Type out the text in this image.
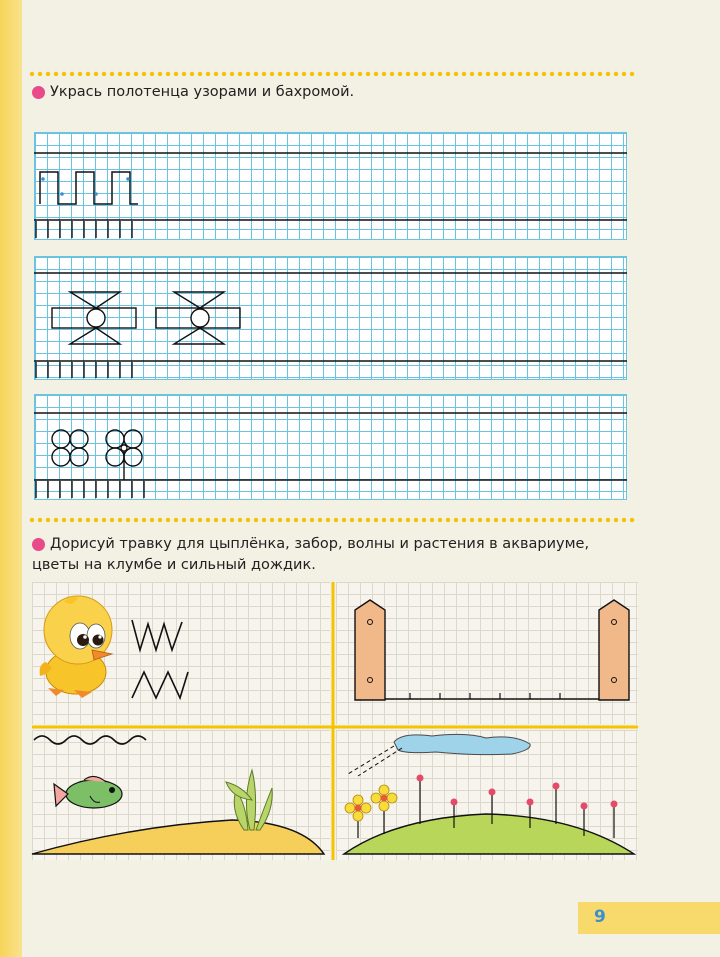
Укрась полотенца узорами и бахромой.
Дорисуй травку для цыплёнка, забор, волны и растения в аквариуме,
цветы на клумбе и сильный дождик.
9
